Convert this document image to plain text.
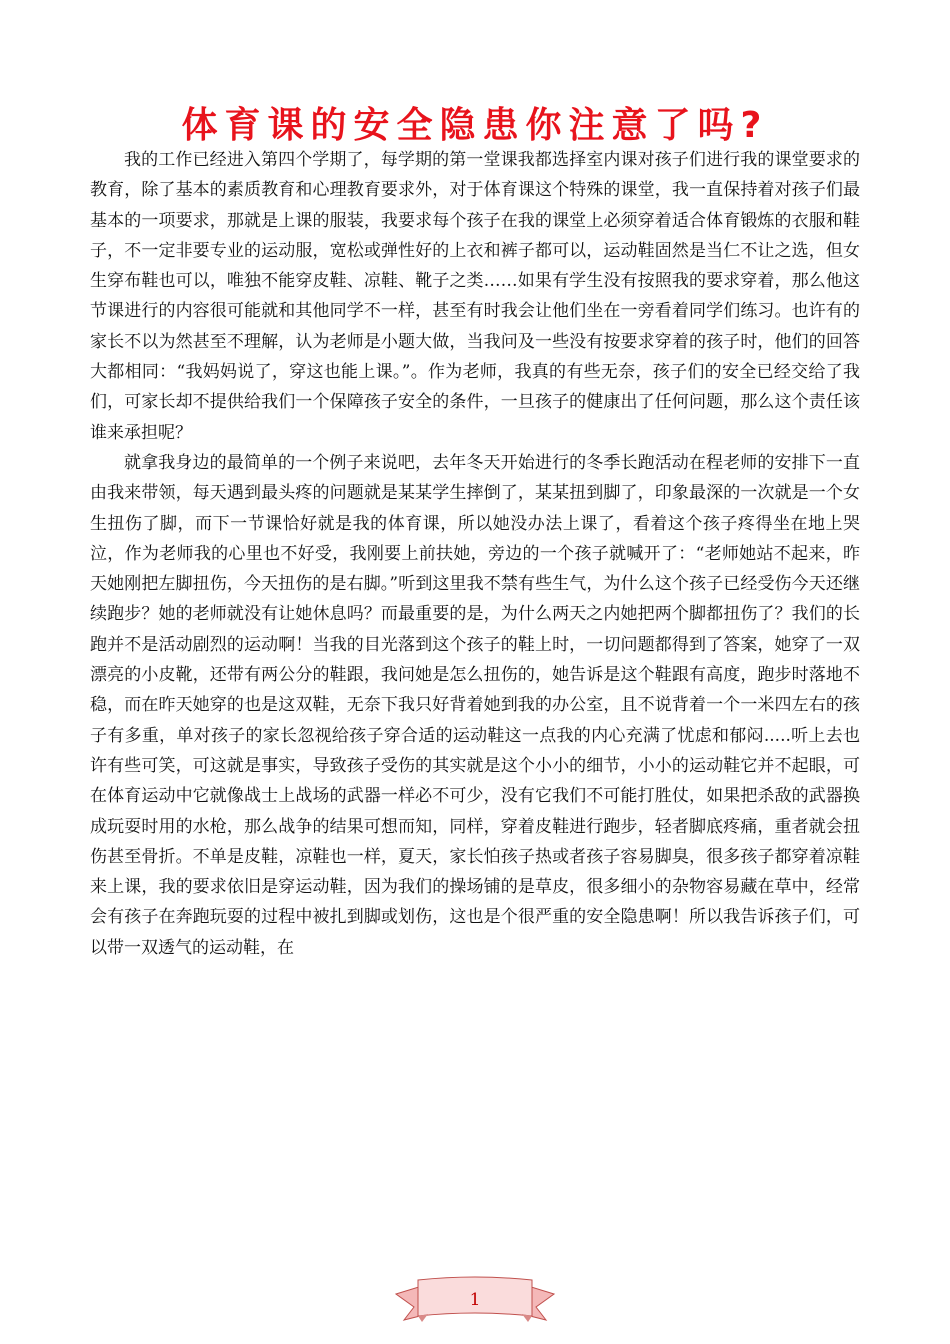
体育课的安全隐患你注意了吗?

我的工作已经进入第四个学期了，每学期的第一堂课我都选择室内课对孩子们进行我的课堂要求的教育，除了基本的素质教育和心理教育要求外，对于体育课这个特殊的课堂，我一直保持着对孩子们最基本的一项要求，那就是上课的服装，我要求每个孩子在我的课堂上必须穿着适合体育锻炼的衣服和鞋子，不一定非要专业的运动服，宽松或弹性好的上衣和裤子都可以，运动鞋固然是当仁不让之选，但女生穿布鞋也可以，唯独不能穿皮鞋、凉鞋、靴子之类……如果有学生没有按照我的要求穿着，那么他这节课进行的内容很可能就和其他同学不一样，甚至有时我会让他们坐在一旁看着同学们练习。也许有的家长不以为然甚至不理解，认为老师是小题大做，当我问及一些没有按要求穿着的孩子时，他们的回答大都相同：“我妈妈说了，穿这也能上课。”。作为老师，我真的有些无奈，孩子们的安全已经交给了我们，可家长却不提供给我们一个保障孩子安全的条件，一旦孩子的健康出了任何问题，那么这个责任该谁来承担呢？

就拿我身边的最简单的一个例子来说吧，去年冬天开始进行的冬季长跑活动在程老师的安排下一直由我来带领，每天遇到最头疼的问题就是某某学生摔倒了，某某扭到脚了，印象最深的一次就是一个女生扭伤了脚，而下一节课恰好就是我的体育课，所以她没办法上课了，看着这个孩子疼得坐在地上哭泣，作为老师我的心里也不好受，我刚要上前扶她，旁边的一个孩子就喊开了：“老师她站不起来，昨天她刚把左脚扭伤，今天扭伤的是右脚。”听到这里我不禁有些生气，为什么这个孩子已经受伤今天还继续跑步？她的老师就没有让她休息吗？而最重要的是，为什么两天之内她把两个脚都扭伤了？我们的长跑并不是活动剧烈的运动啊！当我的目光落到这个孩子的鞋上时，一切问题都得到了答案，她穿了一双漂亮的小皮靴，还带有两公分的鞋跟，我问她是怎么扭伤的，她告诉是这个鞋跟有高度，跑步时落地不稳，而在昨天她穿的也是这双鞋，无奈下我只好背着她到我的办公室，且不说背着一个一米四左右的孩子有多重，单对孩子的家长忽视给孩子穿合适的运动鞋这一点我的内心充满了忧虑和郁闷.....听上去也许有些可笑，可这就是事实，导致孩子受伤的其实就是这个小小的细节，小小的运动鞋它并不起眼，可在体育运动中它就像战士上战场的武器一样必不可少，没有它我们不可能打胜仗，如果把杀敌的武器换成玩耍时用的水枪，那么战争的结果可想而知，同样，穿着皮鞋进行跑步，轻者脚底疼痛，重者就会扭伤甚至骨折。不单是皮鞋，凉鞋也一样，夏天，家长怕孩子热或者孩子容易脚臭，很多孩子都穿着凉鞋来上课，我的要求依旧是穿运动鞋，因为我们的操场铺的是草皮，很多细小的杂物容易藏在草中，经常会有孩子在奔跑玩耍的过程中被扎到脚或划伤，这也是个很严重的安全隐患啊！所以我告诉孩子们，可以带一双透气的运动鞋，在

1
